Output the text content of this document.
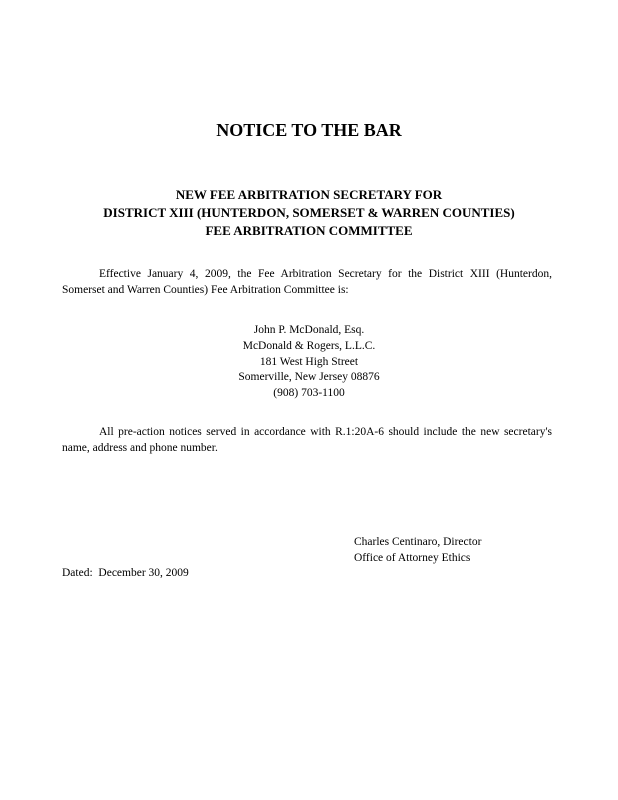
NOTICE TO THE BAR
NEW FEE ARBITRATION SECRETARY FOR
DISTRICT XIII (HUNTERDON, SOMERSET & WARREN COUNTIES)
FEE ARBITRATION COMMITTEE

Effective January 4, 2009, the Fee Arbitration Secretary for the District XIII (Hunterdon, Somerset and Warren Counties) Fee Arbitration Committee is:

John P. McDonald, Esq.
McDonald & Rogers, L.L.C.
181 West High Street
Somerville, New Jersey 08876
(908) 703-1100

All pre-action notices served in accordance with R.1:20A-6 should include the new secretary's name, address and phone number.

Charles Centinaro, Director
Office of Attorney Ethics
Dated:  December 30, 2009
